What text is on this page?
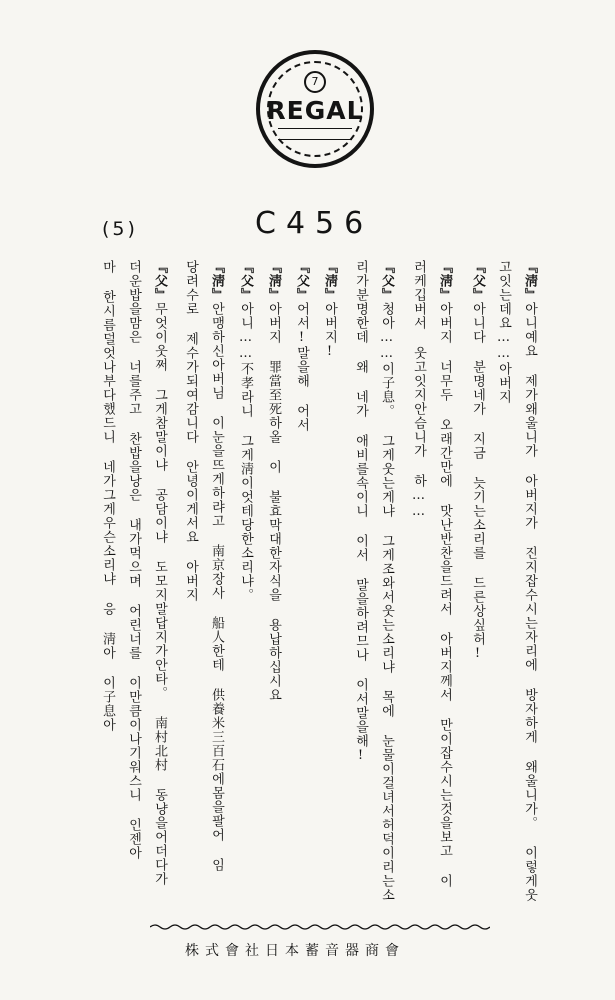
7
REGAL
(5)	C456
『淸』아니예요 제가왜울니가 아버지가 진지잡수시는자리에 방자하게 왜울니가。 이렇게웃
고잇는데요……아버지
『父』아니다 분명네가 지금 늣기는소리를 드른상싶허!
『淸』아버지 너무두 오래간만에 맛난반찬을드려서 아버지께서 만이잡수시는것을보고 이
러케깁버서 웃고잇지안슴니가 하……
『父』청아……이子息。 그게웃는게냐 그게조와서웃는소리냐 목에 눈물이걸녀서허덕이리는소
리가분명한데 왜 네가 애비를속이니 이서 말을하려므나 이서말을해!
『淸』아버지!
『父』어서!말을해 어서
『淸』아버지 罪當至死하올 이 불효막대한자식을 용납하십시요
『父』아니……不孝라니 그게淸이엇테당한소리냐。
『淸』안맹하신아버님 이눈을뜨게하랴고 南京장사 船人한테 供養米三百石에몸을팔어 임
당려수로 제수가되여감니다 안녕이게서요 아버지
『父』무엇이웃쩌 그게참말이냐 공담이냐 도모지말답지가안타。 南村北村 동냥을어더다가
더운밥을맘은 너를주고 찬밥을낭은 내가먹으며 어린너를 이만큼이나기워스니 인젠아
마 한시름덜엇나부다했드니 네가그게우슨소리냐 응 淸아 이子息아
株式會社日本蓄音器商會
